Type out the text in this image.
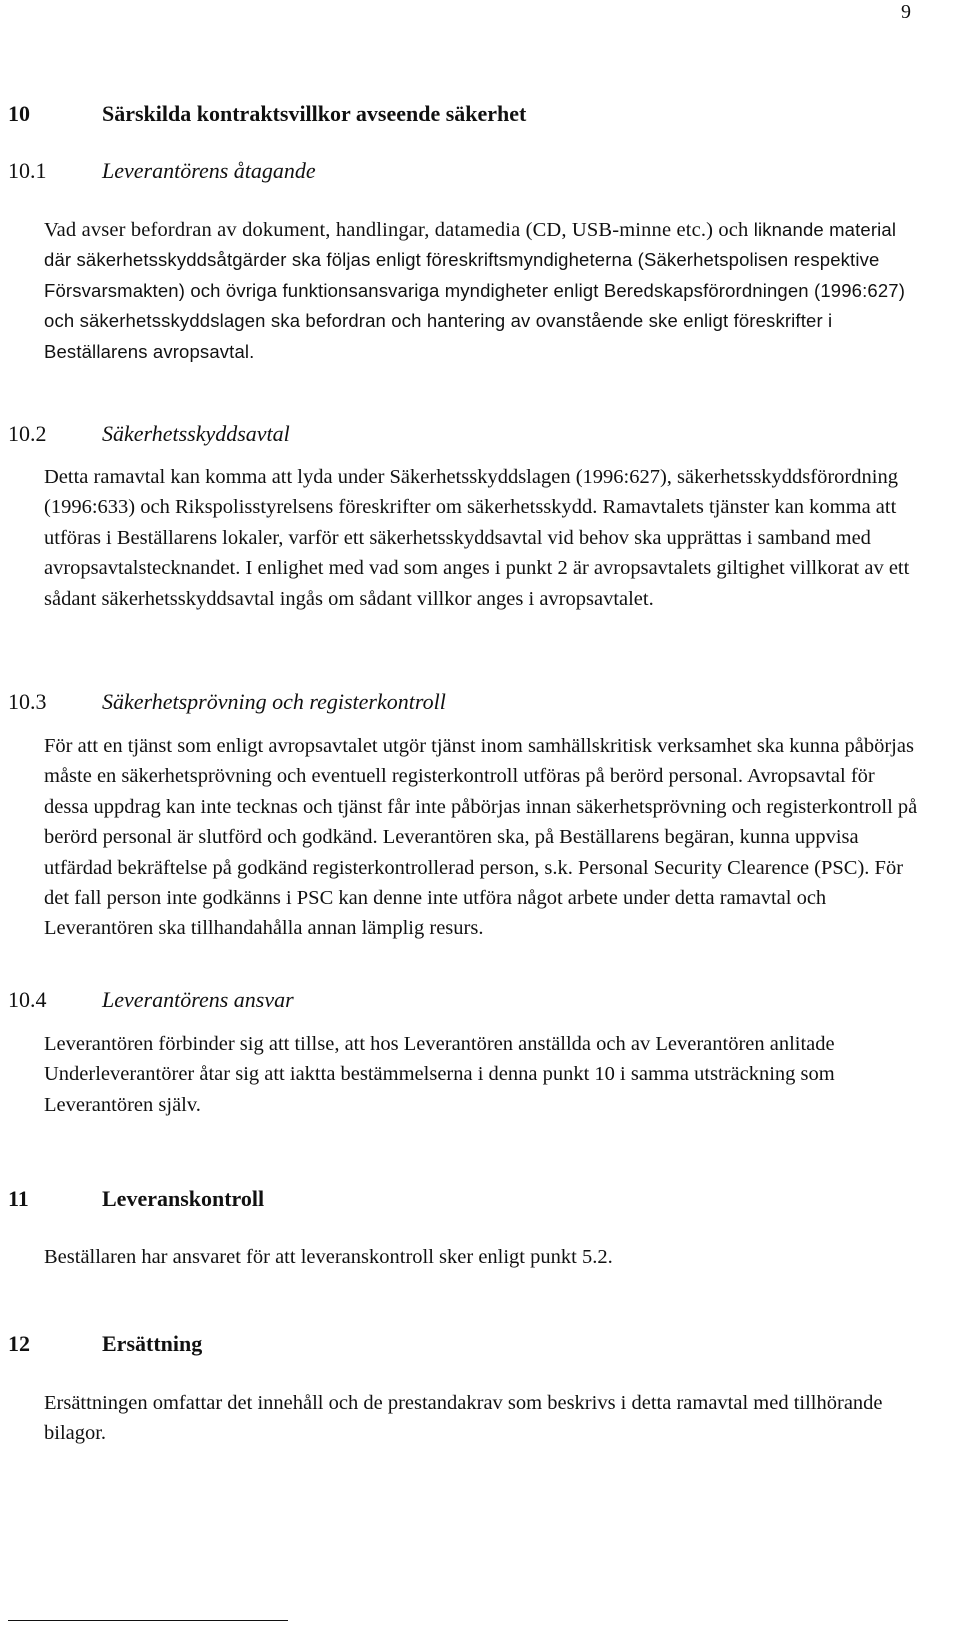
9
10	Särskilda kontraktsvillkor avseende säkerhet
10.1	Leverantörens åtagande

Vad avser befordran av dokument, handlingar, datamedia (CD, USB-minne etc.) och liknande material där säkerhetsskyddsåtgärder ska följas enligt föreskriftsmyndigheterna (Säkerhetspolisen respektive Försvarsmakten) och övriga funktionsansvariga myndigheter enligt Beredskapsförordningen (1996:627) och säkerhetsskyddslagen ska befordran och hantering av ovanstående ske enligt föreskrifter i Beställarens avropsavtal.

10.2	Säkerhetsskyddsavtal

Detta ramavtal kan komma att lyda under Säkerhetsskyddslagen (1996:627), säkerhetsskyddsförordning (1996:633) och Rikspolisstyrelsens föreskrifter om säkerhetsskydd. Ramavtalets tjänster kan komma att utföras i Beställarens lokaler, varför ett säkerhetsskyddsavtal vid behov ska upprättas i samband med avropsavtalstecknandet. I enlighet med vad som anges i punkt 2 är avropsavtalets giltighet villkorat av ett sådant säkerhetsskyddsavtal ingås om sådant villkor anges i avropsavtalet.

10.3	Säkerhetsprövning och registerkontroll

För att en tjänst som enligt avropsavtalet utgör tjänst inom samhällskritisk verksamhet ska kunna påbörjas måste en säkerhetsprövning och eventuell registerkontroll utföras på berörd personal. Avropsavtal för dessa uppdrag kan inte tecknas och tjänst får inte påbörjas innan säkerhetsprövning och registerkontroll på berörd personal är slutförd och godkänd. Leverantören ska, på Beställarens begäran, kunna uppvisa utfärdad bekräftelse på godkänd registerkontrollerad person, s.k. Personal Security Clearence (PSC). För det fall person inte godkänns i PSC kan denne inte utföra något arbete under detta ramavtal och Leverantören ska tillhandahålla annan lämplig resurs.

10.4	Leverantörens ansvar

Leverantören förbinder sig att tillse, att hos Leverantören anställda och av Leverantören anlitade Underleverantörer åtar sig att iaktta bestämmelserna i denna punkt 10 i samma utsträckning som Leverantören själv.

11	Leveranskontroll

Beställaren har ansvaret för att leveranskontroll sker enligt punkt 5.2.

12	Ersättning

Ersättningen omfattar det innehåll och de prestandakrav som beskrivs i detta ramavtal med tillhörande bilagor.
